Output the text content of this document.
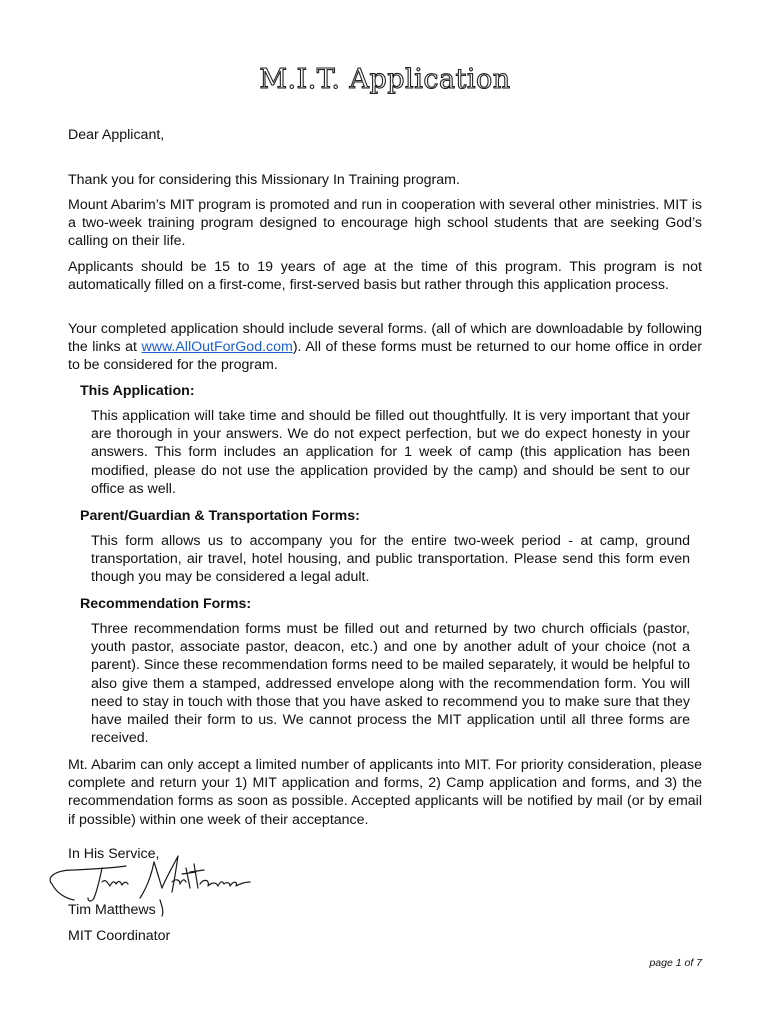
M.I.T. Application
Dear Applicant,
Thank you for considering this Missionary In Training program.
Mount Abarim’s MIT program is promoted and run in cooperation with several other ministries. MIT is a two-week training program designed to encourage high school students that are seeking God’s calling on their life.
Applicants should be 15 to 19 years of age at the time of this program. This program is not automatically filled on a first-come, first-served basis but rather through this application process.
Your completed application should include several forms. (all of which are downloadable by following the links at www.AllOutForGod.com). All of these forms must be returned to our home office in order to be considered for the program.
This Application:
This application will take time and should be filled out thoughtfully. It is very important that your are thorough in your answers. We do not expect perfection, but we do expect honesty in your answers. This form includes an application for 1 week of camp (this application has been modified, please do not use the application provided by the camp) and should be sent to our office as well.
Parent/Guardian & Transportation Forms:
This form allows us to accompany you for the entire two-week period - at camp, ground transportation, air travel, hotel housing, and public transportation. Please send this form even though you may be considered a legal adult.
Recommendation Forms:
Three recommendation forms must be filled out and returned by two church officials (pastor, youth pastor, associate pastor, deacon, etc.) and one by another adult of your choice (not a parent). Since these recommendation forms need to be mailed separately, it would be helpful to also give them a stamped, addressed envelope along with the recommendation form. You will need to stay in touch with those that you have asked to recommend you to make sure that they have mailed their form to us. We cannot process the MIT application until all three forms are received.
Mt. Abarim can only accept a limited number of applicants into MIT. For priority consideration, please complete and return your 1) MIT application and forms, 2) Camp application and forms, and 3) the recommendation forms as soon as possible. Accepted applicants will be notified by mail (or by email if possible) within one week of their acceptance.
In His Service,
Tim Matthews
MIT Coordinator
page 1 of 7
